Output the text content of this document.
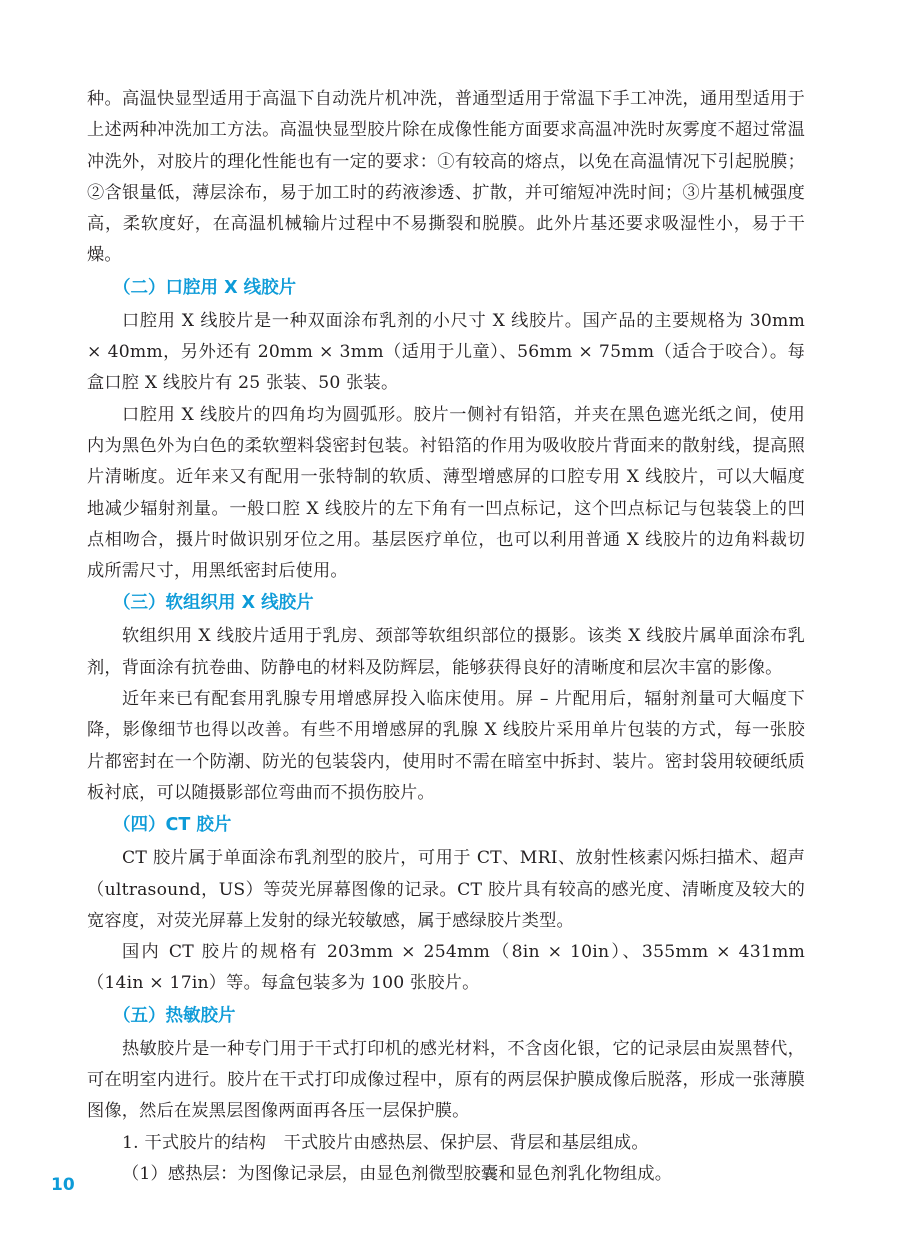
种。高温快显型适用于高温下自动洗片机冲洗，普通型适用于常温下手工冲洗，通用型适用于上述两种冲洗加工方法。高温快显型胶片除在成像性能方面要求高温冲洗时灰雾度不超过常温冲洗外，对胶片的理化性能也有一定的要求：①有较高的熔点，以免在高温情况下引起脱膜；②含银量低，薄层涂布，易于加工时的药液渗透、扩散，并可缩短冲洗时间；③片基机械强度高，柔软度好，在高温机械输片过程中不易撕裂和脱膜。此外片基还要求吸湿性小，易于干燥。

（二）口腔用 X 线胶片

口腔用 X 线胶片是一种双面涂布乳剂的小尺寸 X 线胶片。国产品的主要规格为 30mm × 40mm，另外还有 20mm × 3mm（适用于儿童）、56mm × 75mm（适合于咬合）。每盒口腔 X 线胶片有 25 张装、50 张装。

口腔用 X 线胶片的四角均为圆弧形。胶片一侧衬有铅箔，并夹在黑色遮光纸之间，使用内为黑色外为白色的柔软塑料袋密封包装。衬铅箔的作用为吸收胶片背面来的散射线，提高照片清晰度。近年来又有配用一张特制的软质、薄型增感屏的口腔专用 X 线胶片，可以大幅度地减少辐射剂量。一般口腔 X 线胶片的左下角有一凹点标记，这个凹点标记与包装袋上的凹点相吻合，摄片时做识别牙位之用。基层医疗单位，也可以利用普通 X 线胶片的边角料裁切成所需尺寸，用黑纸密封后使用。

（三）软组织用 X 线胶片

软组织用 X 线胶片适用于乳房、颈部等软组织部位的摄影。该类 X 线胶片属单面涂布乳剂，背面涂有抗卷曲、防静电的材料及防辉层，能够获得良好的清晰度和层次丰富的影像。

近年来已有配套用乳腺专用增感屏投入临床使用。屏 – 片配用后，辐射剂量可大幅度下降，影像细节也得以改善。有些不用增感屏的乳腺 X 线胶片采用单片包装的方式，每一张胶片都密封在一个防潮、防光的包装袋内，使用时不需在暗室中拆封、装片。密封袋用较硬纸质板衬底，可以随摄影部位弯曲而不损伤胶片。

（四）CT 胶片

CT 胶片属于单面涂布乳剂型的胶片，可用于 CT、MRI、放射性核素闪烁扫描术、超声（ultrasound，US）等荧光屏幕图像的记录。CT 胶片具有较高的感光度、清晰度及较大的宽容度，对荧光屏幕上发射的绿光较敏感，属于感绿胶片类型。

国内 CT 胶片的规格有 203mm × 254mm（8in × 10in）、355mm × 431mm（14in × 17in）等。每盒包装多为 100 张胶片。

（五）热敏胶片

热敏胶片是一种专门用于干式打印机的感光材料，不含卤化银，它的记录层由炭黑替代，可在明室内进行。胶片在干式打印成像过程中，原有的两层保护膜成像后脱落，形成一张薄膜图像，然后在炭黑层图像两面再各压一层保护膜。

1. 干式胶片的结构　干式胶片由感热层、保护层、背层和基层组成。

（1）感热层：为图像记录层，由显色剂微型胶囊和显色剂乳化物组成。

10
